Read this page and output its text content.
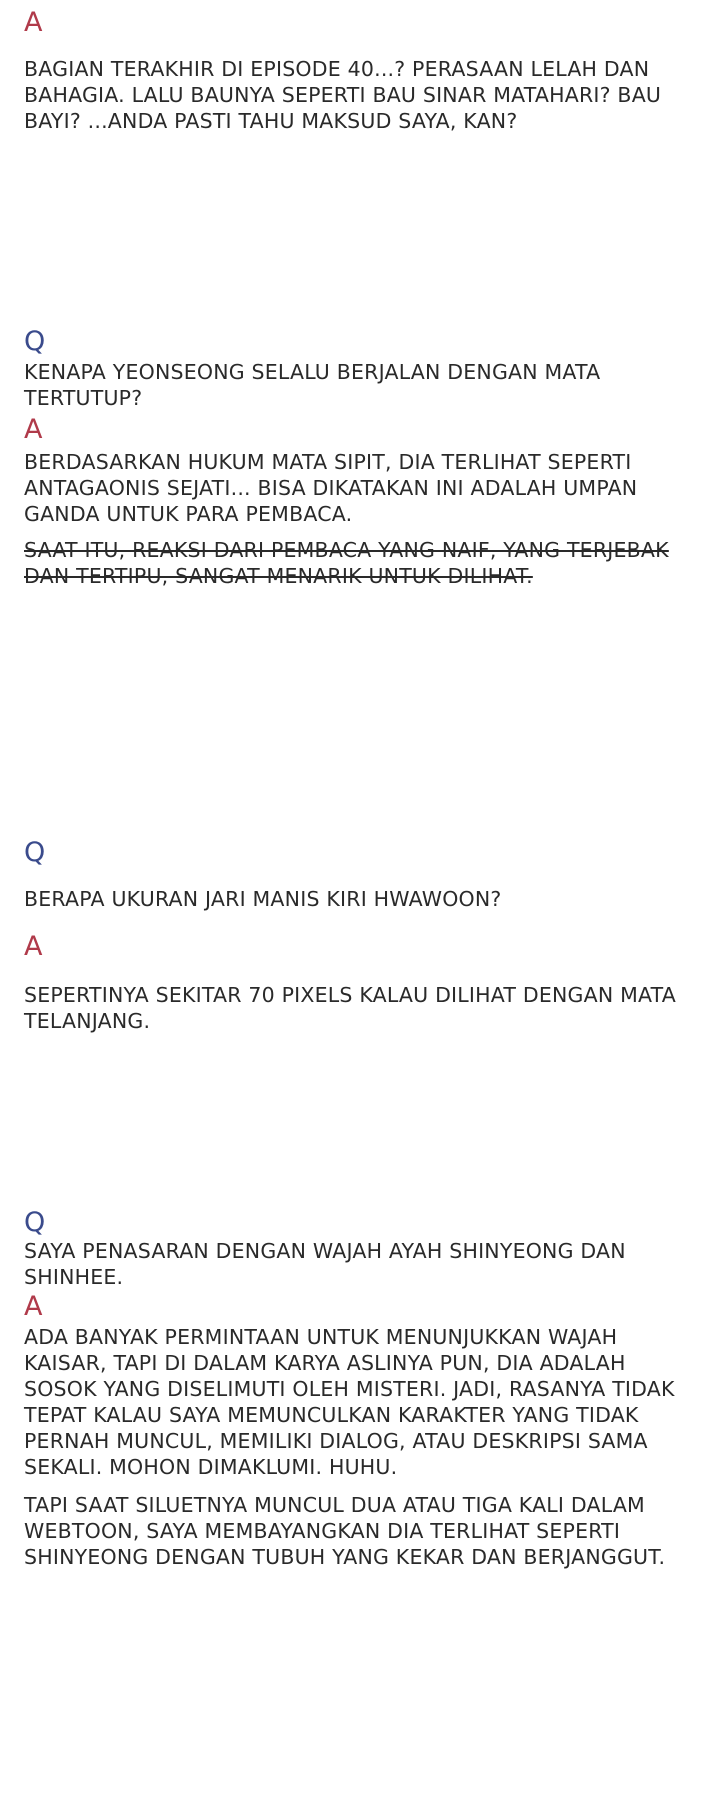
A

BAGIAN TERAKHIR DI EPISODE 40...? PERASAAN LELAH DAN BAHAGIA. LALU BAUNYA SEPERTI BAU SINAR MATAHARI? BAU BAYI? ...ANDA PASTI TAHU MAKSUD SAYA, KAN?

Q

KENAPA YEONSEONG SELALU BERJALAN DENGAN MATA TERTUTUP?

A

BERDASARKAN HUKUM MATA SIPIT, DIA TERLIHAT SEPERTI ANTAGAONIS SEJATI... BISA DIKATAKAN INI ADALAH UMPAN GANDA UNTUK PARA PEMBACA.

SAAT ITU, REAKSI DARI PEMBACA YANG NAIF, YANG TERJEBAK DAN TERTIPU, SANGAT MENARIK UNTUK DILIHAT.

Q

BERAPA UKURAN JARI MANIS KIRI HWAWOON?

A

SEPERTINYA SEKITAR 70 PIXELS KALAU DILIHAT DENGAN MATA TELANJANG.

Q

SAYA PENASARAN DENGAN WAJAH AYAH SHINYEONG DAN SHINHEE.

A

ADA BANYAK PERMINTAAN UNTUK MENUNJUKKAN WAJAH KAISAR, TAPI DI DALAM KARYA ASLINYA PUN, DIA ADALAH SOSOK YANG DISELIMUTI OLEH MISTERI. JADI, RASANYA TIDAK TEPAT KALAU SAYA MEMUNCULKAN KARAKTER YANG TIDAK PERNAH MUNCUL, MEMILIKI DIALOG, ATAU DESKRIPSI SAMA SEKALI. MOHON DIMAKLUMI. HUHU.

TAPI SAAT SILUETNYA MUNCUL DUA ATAU TIGA KALI DALAM WEBTOON, SAYA MEMBAYANGKAN DIA TERLIHAT SEPERTI SHINYEONG DENGAN TUBUH YANG KEKAR DAN BERJANGGUT.
